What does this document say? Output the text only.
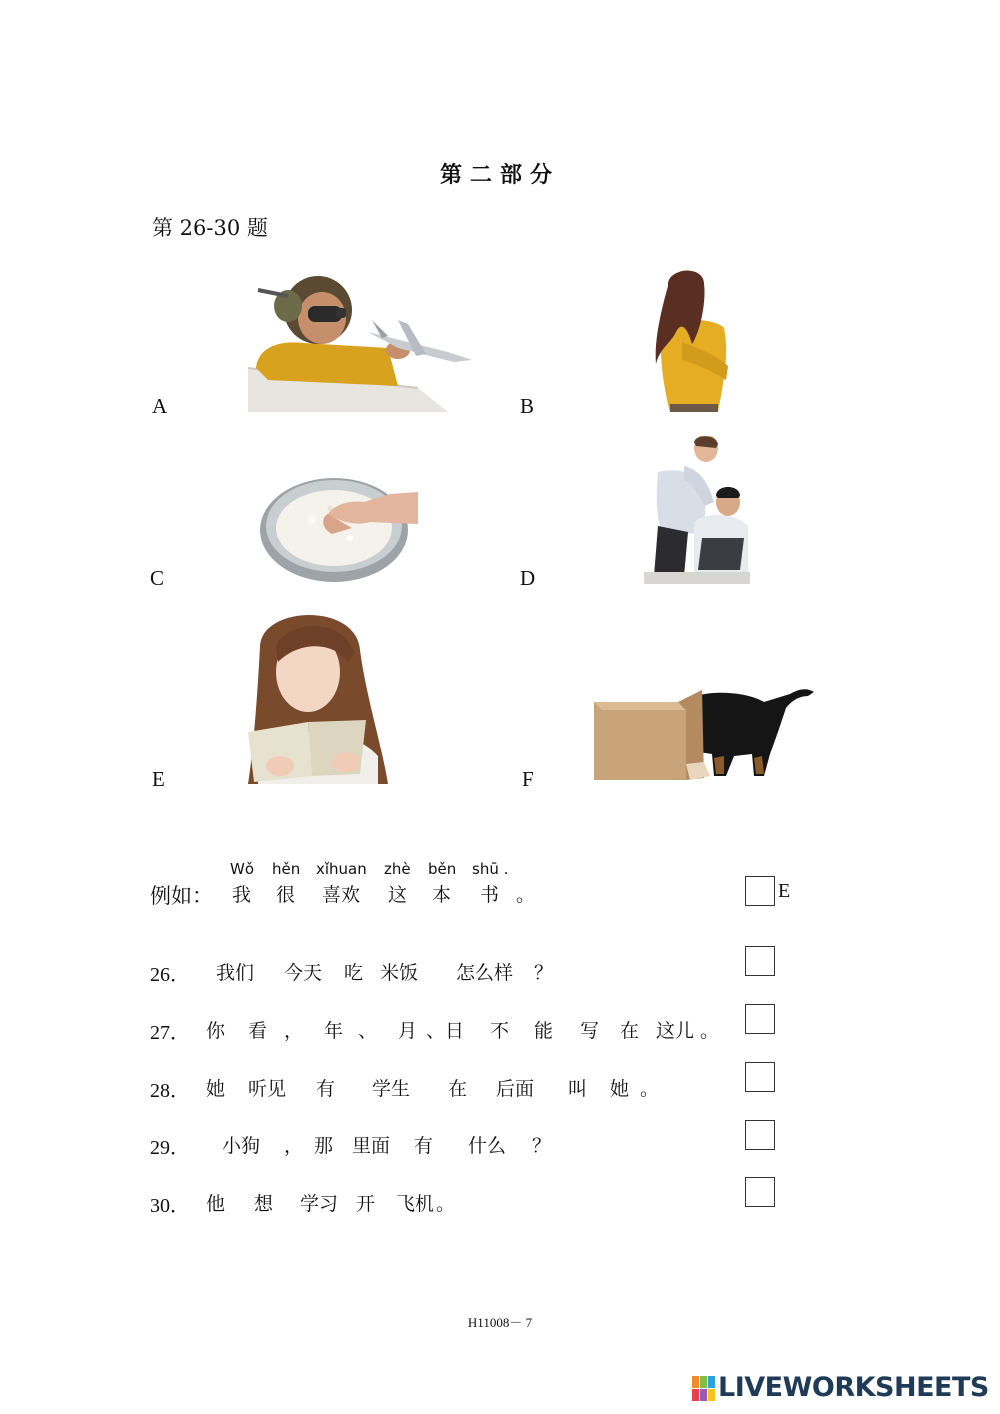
第二部分
第 26-30 题
A	B
C	D
E	F
Wǒ hěn xǐhuan zhè běn shū .
例如： 我 很 喜欢 这 本 书 。	E
26． 我们 今天 吃 米饭 怎么样 ？
27． 你 看 ， 年 、 月 、日 不 能 写 在 这儿 。
28． 她 听见 有 学生 在 后面 叫 她 。
29． 小狗 ， 那 里面 有 什么 ？
30． 他 想 学习 开 飞机 。
H11008－ 7
LIVEWORKSHEETS
